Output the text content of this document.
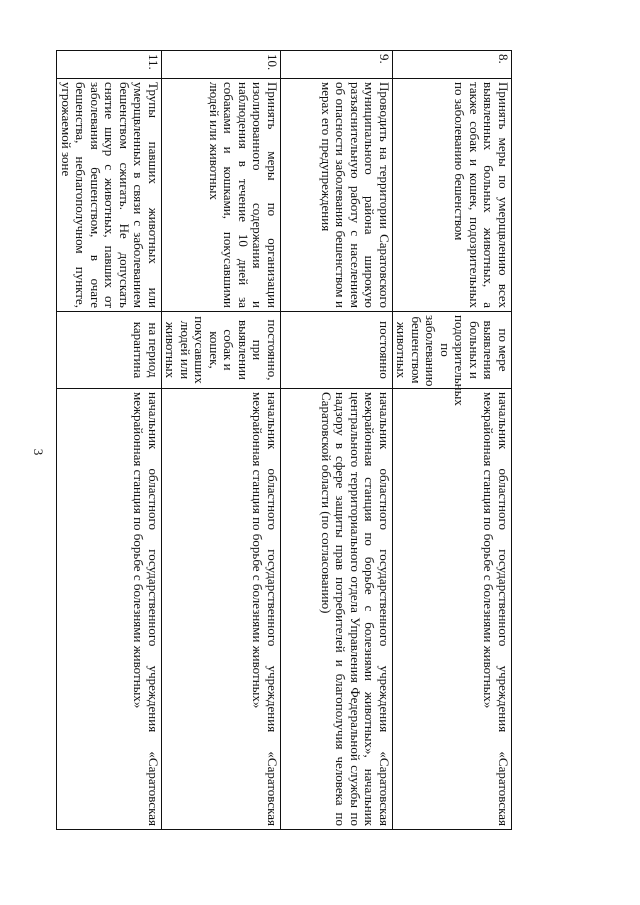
3
8.	Принять меры по умерщвлению всех выявленных больных животных, а также собак и кошек, подозрительных по заболеванию бешенством	по мере выявления больных и подозрительных по заболеванию бешенством животных	начальник областного государственного учреждения «Саратовская межрайонная станция по борьбе с болезнями животных»
9.	Проводить на территории Саратовского муниципального района широкую разъяснительную работу с населением об опасности заболевания бешенством и мерах его предупреждения	постоянно	начальник областного государственного учреждения «Саратовская межрайонная станция по борьбе с болезнями животных», начальник центрального территориального отдела Управления Федеральной службы по надзору в сфере защиты прав потребителей и благополучия человека по Саратовской области (по согласованию)
10.	Принять меры по организации изолированного содержания и наблюдения в течение 10 дней за собаками и кошками, покусавшими людей или животных	постоянно, при выявлении собак и кошек, покусавших людей или животных	начальник областного государственного учреждения «Саратовская межрайонная станция по борьбе с болезнями животных»
11.	Трупы павших животных или умерщвленных в связи с заболеванием бешенством сжигать. Не допускать снятие шкур с животных, павших от заболевания бешенством, в очаге бешенства, неблагополучном пункте, угрожаемой зоне	на период карантина	начальник областного государственного учреждения «Саратовская межрайонная станция по борьбе с болезнями животных»
